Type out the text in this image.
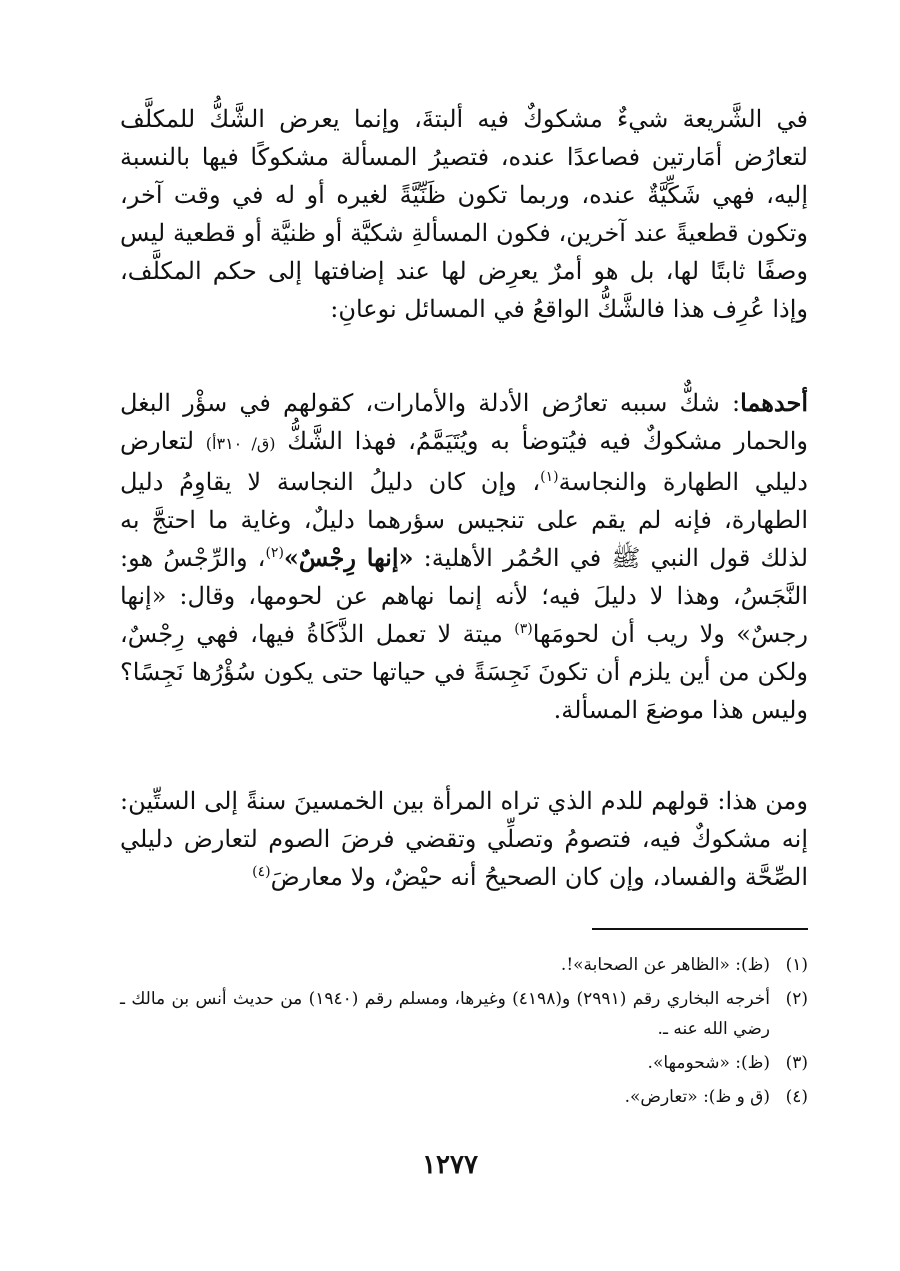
في الشَّريعة شيءٌ مشكوكٌ فيه ألبتةَ، وإنما يعرض الشَّكُّ للمكلَّف لتعارُض أمَارتين فصاعدًا عنده، فتصيرُ المسألة مشكوكًا فيها بالنسبة إليه، فهي شَكِّيَّةٌ عنده، وربما تكون ظَنِّيَّةً لغيره أو له في وقت آخر، وتكون قطعيةً عند آخرين، فكون المسألةِ شكيَّة أو ظنيَّة أو قطعية ليس وصفًا ثابتًا لها، بل هو أمرٌ يعرِض لها عند إضافتها إلى حكم المكلَّف، وإذا عُرِف هذا فالشَّكُّ الواقعُ في المسائل نوعانِ:

أحدهما: شكٌّ سببه تعارُض الأدلة والأمارات، كقولهم في سؤْر البغل والحمار مشكوكٌ فيه فيُتوضأ به ويُتَيَمَّمُ، فهذا الشَّكُّ (ق/ ٣١٠أ) لتعارض دليلي الطهارة والنجاسة$^{(١)}$، وإن كان دليلُ النجاسة لا يقاوِمُ دليل الطهارة، فإنه لم يقم على تنجيس سؤرهما دليلٌ، وغاية ما احتجَّ به لذلك قول النبي ﷺ في الحُمُر الأهلية: «إنها رِجْسٌ»$^{(٢)}$، والرِّجْسُ هو: النَّجَسُ، وهذا لا دليلَ فيه؛ لأنه إنما نهاهم عن لحومها، وقال: «إنها رجسٌ» ولا ريب أن لحومَها$^{(٣)}$ ميتة لا تعمل الذَّكَاةُ فيها، فهي رِجْسٌ، ولكن من أين يلزم أن تكونَ نَجِسَةً في حياتها حتى يكون سُؤْرُها نَجِسًا؟ وليس هذا موضعَ المسألة.

ومن هذا: قولهم للدم الذي تراه المرأة بين الخمسينَ سنةً إلى الستِّين: إنه مشكوكٌ فيه، فتصومُ وتصلِّي وتقضي فرضَ الصوم لتعارض دليلي الصِّحَّة والفساد، وإن كان الصحيحُ أنه حيْضٌ، ولا معارضَ$^{(٤)}$

(١)
(ظ): «الظاهر عن الصحابة»!.
(٢)
أخرجه البخاري رقم (٢٩٩١) و(٤١٩٨) وغيرها، ومسلم رقم (١٩٤٠) من حديث أنس بن مالك ـ رضي الله عنه ـ.
(٣)
(ظ): «شحومها».
(٤)
(ق و ظ): «تعارض».
١٢٧٧
